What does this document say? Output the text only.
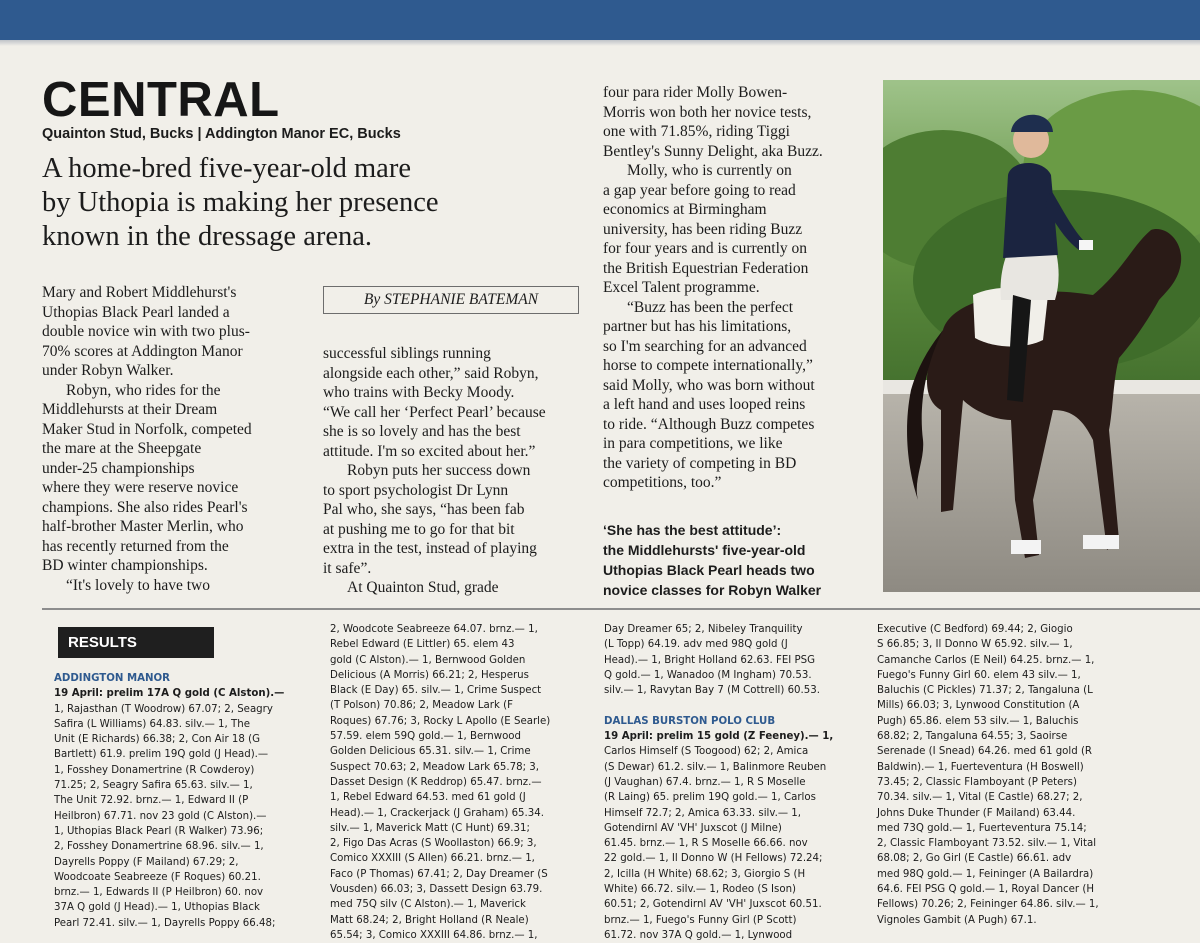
CENTRAL
Quainton Stud, Bucks | Addington Manor EC, Bucks
A home-bred five-year-old mare
by Uthopia is making her presence
known in the dressage arena.
By STEPHANIE BATEMAN

Mary and Robert Middlehurst's

Uthopias Black Pearl landed a

double novice win with two plus-

70% scores at Addington Manor

under Robyn Walker.

Robyn, who rides for the

Middlehursts at their Dream

Maker Stud in Norfolk, competed

the mare at the Sheepgate

under-25 championships

where they were reserve novice

champions. She also rides Pearl's

half-brother Master Merlin, who

has recently returned from the

BD winter championships.

“It's lovely to have two

successful siblings running

alongside each other,” said Robyn,

who trains with Becky Moody.

“We call her ‘Perfect Pearl’ because

she is so lovely and has the best

attitude. I'm so excited about her.”

Robyn puts her success down

to sport psychologist Dr Lynn

Pal who, she says, “has been fab

at pushing me to go for that bit

extra in the test, instead of playing

it safe”.

At Quainton Stud, grade

four para rider Molly Bowen-

Morris won both her novice tests,

one with 71.85%, riding Tiggi

Bentley's Sunny Delight, aka Buzz.

Molly, who is currently on

a gap year before going to read

economics at Birmingham

university, has been riding Buzz

for four years and is currently on

the British Equestrian Federation

Excel Talent programme.

“Buzz has been the perfect

partner but has his limitations,

so I'm searching for an advanced

horse to compete internationally,”

said Molly, who was born without

a left hand and uses looped reins

to ride. “Although Buzz competes

in para competitions, we like

the variety of competing in BD

competitions, too.”

‘She has the best attitude’:
the Middlehursts' five-year-old
Uthopias Black Pearl heads two
novice classes for Robyn Walker
RESULTS

ADDINGTON MANOR

19 April: prelim 17A Q gold (C Alston).—

1, Rajasthan (T Woodrow) 67.07; 2, Seagry

Safira (L Williams) 64.83. silv.— 1, The

Unit (E Richards) 66.38; 2, Con Air 18 (G

Bartlett) 61.9. prelim 19Q gold (J Head).—

1, Fosshey Donamertrine (R Cowderoy)

71.25; 2, Seagry Safira 65.63. silv.— 1,

The Unit 72.92. brnz.— 1, Edward II (P

Heilbron) 67.71. nov 23 gold (C Alston).—

1, Uthopias Black Pearl (R Walker) 73.96;

2, Fosshey Donamertrine 68.96. silv.— 1,

Dayrells Poppy (F Mailand) 67.29; 2,

Woodcoate Seabreeze (F Roques) 60.21.

brnz.— 1, Edwards II (P Heilbron) 60. nov

37A Q gold (J Head).— 1, Uthopias Black

Pearl 72.41. silv.— 1, Dayrells Poppy 66.48;

2, Woodcote Seabreeze 64.07. brnz.— 1,

Rebel Edward (E Littler) 65. elem 43

gold (C Alston).— 1, Bernwood Golden

Delicious (A Morris) 66.21; 2, Hesperus

Black (E Day) 65. silv.— 1, Crime Suspect

(T Polson) 70.86; 2, Meadow Lark (F

Roques) 67.76; 3, Rocky L Apollo (E Searle)

57.59. elem 59Q gold.— 1, Bernwood

Golden Delicious 65.31. silv.— 1, Crime

Suspect 70.63; 2, Meadow Lark 65.78; 3,

Dasset Design (K Reddrop) 65.47. brnz.—

1, Rebel Edward 64.53. med 61 gold (J

Head).— 1, Crackerjack (J Graham) 65.34.

silv.— 1, Maverick Matt (C Hunt) 69.31;

2, Figo Das Acras (S Woollaston) 66.9; 3,

Comico XXXIII (S Allen) 66.21. brnz.— 1,

Faco (P Thomas) 67.41; 2, Day Dreamer (S

Vousden) 66.03; 3, Dassett Design 63.79.

med 75Q silv (C Alston).— 1, Maverick

Matt 68.24; 2, Bright Holland (R Neale)

65.54; 3, Comico XXXIII 64.86. brnz.— 1,

Day Dreamer 65; 2, Nibeley Tranquility

(L Topp) 64.19. adv med 98Q gold (J

Head).— 1, Bright Holland 62.63. FEI PSG

Q gold.— 1, Wanadoo (M Ingham) 70.53.

silv.— 1, Ravytan Bay 7 (M Cottrell) 60.53.

DALLAS BURSTON POLO CLUB

19 April: prelim 15 gold (Z Feeney).— 1,

Carlos Himself (S Toogood) 62; 2, Amica

(S Dewar) 61.2. silv.— 1, Balinmore Reuben

(J Vaughan) 67.4. brnz.— 1, R S Moselle

(R Laing) 65. prelim 19Q gold.— 1, Carlos

Himself 72.7; 2, Amica 63.33. silv.— 1,

Gotendirnl AV 'VH' Juxscot (J Milne)

61.45. brnz.— 1, R S Moselle 66.66. nov

22 gold.— 1, Il Donno W (H Fellows) 72.24;

2, Icilla (H White) 68.62; 3, Giorgio S (H

White) 66.72. silv.— 1, Rodeo (S Ison)

60.51; 2, Gotendirnl AV 'VH' Juxscot 60.51.

brnz.— 1, Fuego's Funny Girl (P Scott)

61.72. nov 37A Q gold.— 1, Lynwood

Executive (C Bedford) 69.44; 2, Giogio

S 66.85; 3, Il Donno W 65.92. silv.— 1,

Camanche Carlos (E Neil) 64.25. brnz.— 1,

Fuego's Funny Girl 60. elem 43 silv.— 1,

Baluchis (C Pickles) 71.37; 2, Tangaluna (L

Mills) 66.03; 3, Lynwood Constitution (A

Pugh) 65.86. elem 53 silv.— 1, Baluchis

68.82; 2, Tangaluna 64.55; 3, Saoirse

Serenade (I Snead) 64.26. med 61 gold (R

Baldwin).— 1, Fuerteventura (H Boswell)

73.45; 2, Classic Flamboyant (P Peters)

70.34. silv.— 1, Vital (E Castle) 68.27; 2,

Johns Duke Thunder (F Mailand) 63.44.

med 73Q gold.— 1, Fuerteventura 75.14;

2, Classic Flamboyant 73.52. silv.— 1, Vital

68.08; 2, Go Girl (E Castle) 66.61. adv

med 98Q gold.— 1, Feininger (A Bailardra)

64.6. FEI PSG Q gold.— 1, Royal Dancer (H

Fellows) 70.26; 2, Feininger 64.86. silv.— 1,

Vignoles Gambit (A Pugh) 67.1.
